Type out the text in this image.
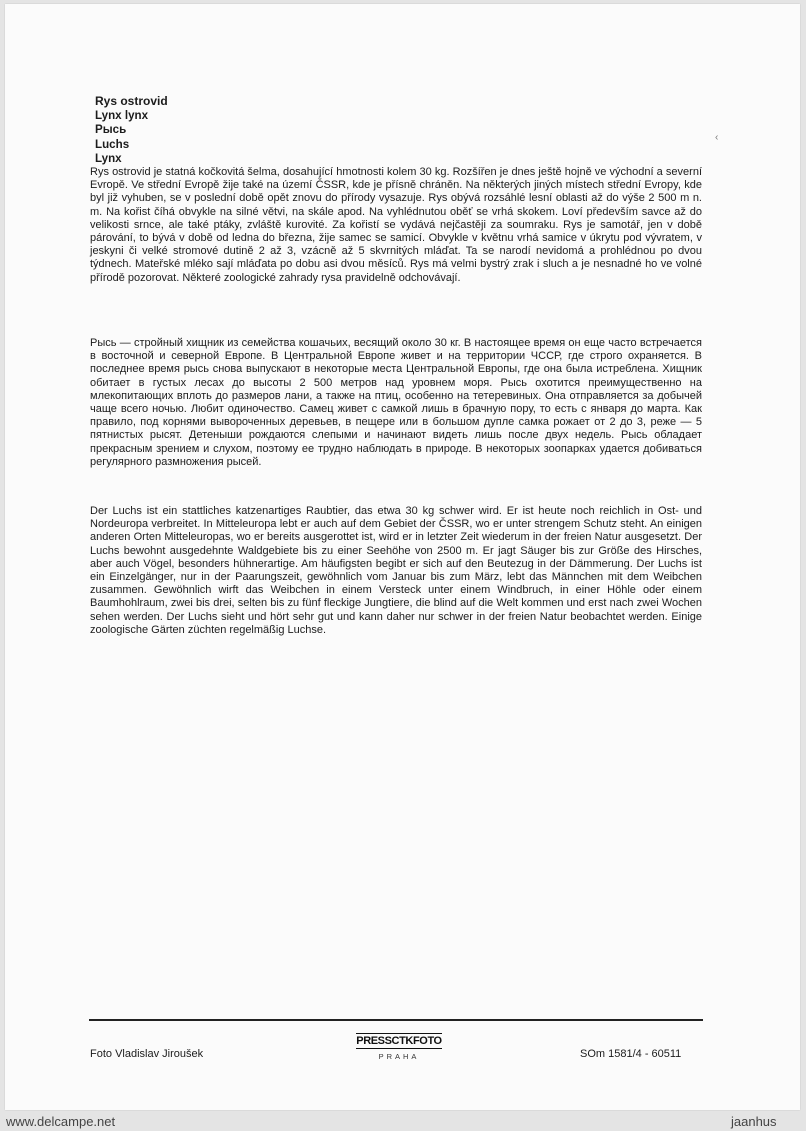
Rys ostrovid
Lynx lynx
Рысь
Luchs
Lynx
‹

Rys ostrovid je statná kočkovitá šelma, dosahující hmotnosti kolem 30 kg. Rozšířen je dnes ještě hojně ve východní a severní Evropě. Ve střední Evropě žije také na území ČSSR, kde je přísně chráněn. Na některých jiných místech střední Evropy, kde byl již vyhuben, se v poslední době opět znovu do přírody vysazuje. Rys obývá rozsáhlé lesní oblasti až do výše 2 500 m n. m. Na kořist číhá obvykle na silné větvi, na skále apod. Na vyhlédnutou oběť se vrhá skokem. Loví především savce až do velikosti srnce, ale také ptáky, zvláště kurovité. Za kořistí se vydává nejčastěji za soumraku. Rys je samotář, jen v době párování, to bývá v době od ledna do března, žije samec se samicí. Obvykle v květnu vrhá samice v úkrytu pod vývratem, v jeskyni či velké stromové dutině 2 až 3, vzácně až 5 skvrnitých mláďat. Ta se narodí nevidomá a prohlédnou po dvou týdnech. Mateřské mléko sají mláďata po dobu asi dvou měsíců. Rys má velmi bystrý zrak i sluch a je nesnadné ho ve volné přírodě pozorovat. Některé zoologické zahrady rysa pravidelně odchovávají.

Рысь — стройный хищник из семейства кошачьих, весящий около 30 кг. В настоящее время он еще часто встречается в восточной и северной Европе. В Центральной Европе живет и на территории ЧССР, где строго охраняется. В последнее время рысь снова выпускают в некоторые места Центральной Европы, где она была истреблена. Хищник обитает в густых лесах до высоты 2 500 метров над уровнем моря. Рысь охотится преимущественно на млекопитающих вплоть до размеров лани, а также на птиц, особенно на тетеревиных. Она отправляется за добычей чаще всего ночью. Любит одиночество. Самец живет с самкой лишь в брачную пору, то есть с января до марта. Как правило, под корнями вывороченных деревьев, в пещере или в большом дупле самка рожает от 2 до 3, реже — 5 пятнистых рысят. Детеныши рождаются слепыми и начинают видеть лишь после двух недель. Рысь обладает прекрасным зрением и слухом, поэтому ее трудно наблюдать в природе. В некоторых зоопарках удается добиваться регулярного размножения рысей.

Der Luchs ist ein stattliches katzenartiges Raubtier, das etwa 30 kg schwer wird. Er ist heute noch reichlich in Ost- und Nordeuropa verbreitet. In Mitteleuropa lebt er auch auf dem Gebiet der ČSSR, wo er unter strengem Schutz steht. An einigen anderen Orten Mitteleuropas, wo er bereits ausgerottet ist, wird er in letzter Zeit wiederum in der freien Natur ausgesetzt. Der Luchs bewohnt ausgedehnte Waldgebiete bis zu einer Seehöhe von 2500 m. Er jagt Säuger bis zur Größe des Hirsches, aber auch Vögel, besonders hühnerartige. Am häufigsten begibt er sich auf den Beutezug in der Dämmerung. Der Luchs ist ein Einzelgänger, nur in der Paarungszeit, gewöhnlich vom Januar bis zum März, lebt das Männchen mit dem Weibchen zusammen. Gewöhnlich wirft das Weibchen in einem Versteck unter einem Windbruch, in einer Höhle oder einem Baumhohlraum, zwei bis drei, selten bis zu fünf fleckige Jungtiere, die blind auf die Welt kommen und erst nach zwei Wochen sehen werden. Der Luchs sieht und hört sehr gut und kann daher nur schwer in der freien Natur beobachtet werden. Einige zoologische Gärten züchten regelmäßig Luchse.

Foto Vladislav Jiroušek
PRESSCTKFOTO
PRAHA	SOm 1581/4 - 60511
www.delcampe.net	jaanhus
